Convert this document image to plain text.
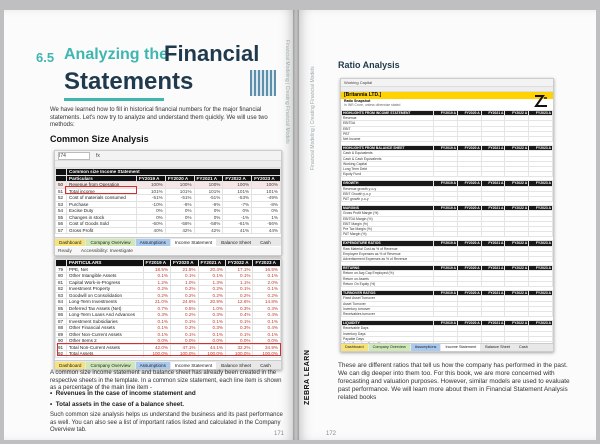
6.5 Analyzing the
Financial
Statements	Financial Modeling | Creating Financial Models
We have learned how to fill in historical financial numbers for the major financial statements. Let's now try to analyze and understand them quickly. We will use two methods:
Common Size Analysis
I74	fx
	Common size Income Statement					
	Particulars	FY2019 A	FY2020 A	FY2021 A	FY2022 A	FY2023 A
50	Revenue from Operation	100%	100%	100%	100%	100%
51	Total income	101%	101%	101%	101%	101%
52	Cost of materials consumed	-51%	-51%	-51%	-53%	-49%
53	Purchase	-10%	-8%	-9%	-7%	-8%
54	Excise Duty	0%	0%	0%	0%	0%
55	Changes in stock	0%	0%	0%	-1%	1%
56	Cost of Goods Sold	-60%	-58%	-58%	-61%	-56%
57	Gross Profit	40%	42%	42%	41%	44%
Dashboard	Company Overview	Assumptions	Income Statement	Balance Sheet	Cash
Ready	Accessibility: Investigate
	PARTICULARS	FY2019 A	FY2020 A	FY2021 A	FY2022 A	FY2023 A
79	PPE, Net	18.5%	21.5%	20.4%	17.1%	16.5%
80	Other Intangible Assets	0.1%	0.1%	0.1%	0.1%	0.1%
81	Capital Work-in-Progress	1.2%	1.0%	1.3%	1.1%	2.0%
82	Investment Property	0.2%	0.2%	0.2%	0.1%	0.1%
83	Goodwill on Consolidation	0.2%	0.2%	0.2%	0.2%	0.2%
84	Long-Term Investments	21.0%	24.6%	20.9%	12.6%	14.8%
85	Deferred Tax Assets (Net)	0.7%	0.5%	1.0%	0.3%	0.3%
86	Long-Term Loans And Advances	0.3%	0.2%	0.3%	0.4%	0.4%
87	Investment Subsidiaries	0.1%	0.1%	0.1%	0.1%	0.1%
88	Other Financial Assets	0.1%	0.2%	0.3%	0.3%	0.4%
89	Other Non-Current Assets	0.1%	0.1%	0.1%	0.1%	0.1%
90	Other Items 2	0.0%	0.0%	0.0%	0.0%	0.0%
91	Total Non-Current Assets	42.0%	47.1%	44.1%	32.2%	34.9%
92	Total Assets	100.0%	100.0%	100.0%	100.0%	100.0%
Dashboard	Company Overview	Assumptions	Income Statement	Balance Sheet	Cash
A common size income statement and balance sheet has already been created in the respective sheets in the template. In a common size statement, each line item is shown as a percentage of the main line item -
•  Revenues in the case of income statement and
•  Total assets in the case of a balance sheet.
Such common size analysis helps us understand the business and its past performance as well. You can also see a list of important ratios listed and calculated in the Company Overview tab.
171
Ratio Analysis
Financial Modeling | Creating Financial Models
ZEBRA LEARN
Working Capital
[Britannia LTD.]
Ratio Snapshot
In INR Crore, unless otherwise stated

HIGHLIGHTS FROM INCOME STATEMENT	FY2019 A	FY2020 A	FY2021 A	FY2022 A	FY2023 A
Revenue					
EBITDA					
EBIT					
PBT					
Net Income					

HIGHLIGHTS FROM BALANCE SHEET	FY2019 A	FY2020 A	FY2021 A	FY2022 A	FY2023 A
Cash & Equivalents					
Cash & Cash Equivalents					
Working Capital					
Long Term Debt					
Equity Fund					

GROWTH	FY2019 A	FY2020 A	FY2021 A	FY2022 A	FY2023 A
Revenue growth y-o-y					
EBIT Growth y-o-y					
PAT growth y-o-y					

MARGINS	FY2019 A	FY2020 A	FY2021 A	FY2022 A	FY2023 A
Gross Profit Margin (%)					
EBITDA Margin (%)					
EBIT Margin (%)					
Pre Tax Margin (%)					
PAT Margin (%)					

EXPENDITURE RATIOS	FY2019 A	FY2020 A	FY2021 A	FY2022 A	FY2023 A
Raw Material Cost as % of Revenue					
Employee Expenses as % of Revenue					
Advertisement Expenses as % of Revenue					

RETURNS	FY2019 A	FY2020 A	FY2021 A	FY2022 A	FY2023 A
Return on Avg Cap Employed (%)					
Return on Assets					
Return On Equity (%)					

TURNOVER RATIOS	FY2019 A	FY2020 A	FY2021 A	FY2022 A	FY2023 A
Fixed Asset Turnover					
Asset Turnover					
Inventory turnover					
Receivables turnover					

LIQUIDITY	FY2019 A	FY2020 A	FY2021 A	FY2022 A	FY2023 A
Receivable Days					
Inventory Days					
Payable Days					

Dashboard	Company Overview	Assumptions	Income Statement	Balance Sheet	Cash
These are different ratios that tell us how the company has performed in the past. We can dig deeper into them too. For this book, we are more concerned with forecasting and valuation purposes. However, similar models are used to evaluate past performance. We will learn more about them in Financial Statement Analysis related books
172
